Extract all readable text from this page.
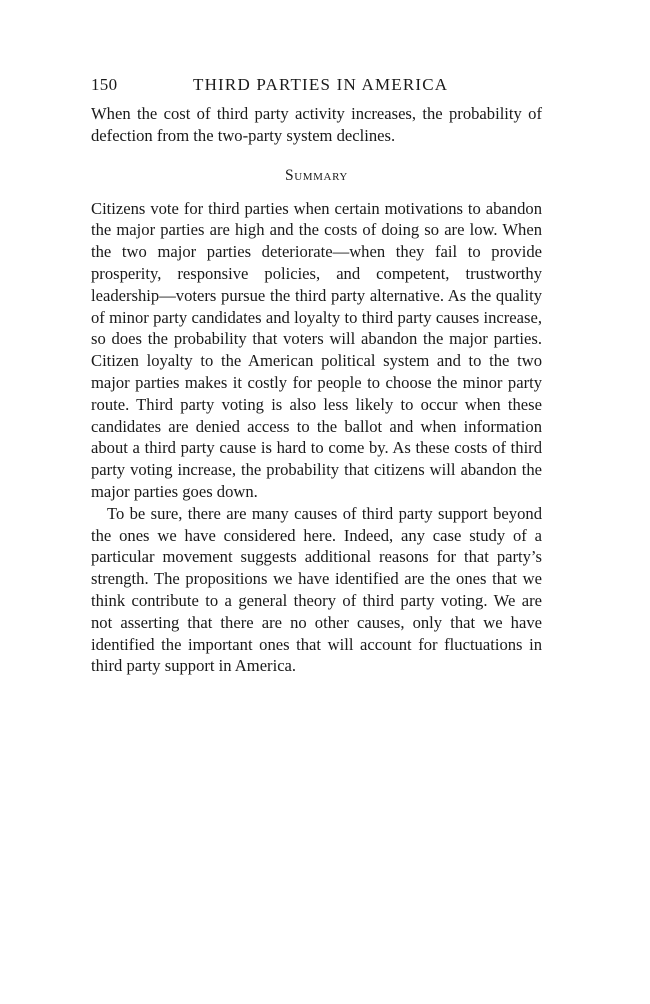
150	THIRD PARTIES IN AMERICA

When the cost of third party activity increases, the probability of defection from the two-party system declines.

Summary

Citizens vote for third parties when certain motivations to abandon the major parties are high and the costs of doing so are low. When the two major parties deteriorate—when they fail to provide prosperity, responsive policies, and competent, trustworthy leadership—voters pursue the third party alternative. As the quality of minor party candidates and loyalty to third party causes increase, so does the probability that voters will abandon the major parties. Citizen loyalty to the American political system and to the two major parties makes it costly for people to choose the minor party route. Third party voting is also less likely to occur when these candidates are denied access to the ballot and when information about a third party cause is hard to come by. As these costs of third party voting increase, the probability that citizens will abandon the major parties goes down.

To be sure, there are many causes of third party support beyond the ones we have considered here. Indeed, any case study of a particular movement suggests additional reasons for that party’s strength. The propositions we have identified are the ones that we think contribute to a general theory of third party voting. We are not asserting that there are no other causes, only that we have identified the important ones that will account for fluctuations in third party support in America.
